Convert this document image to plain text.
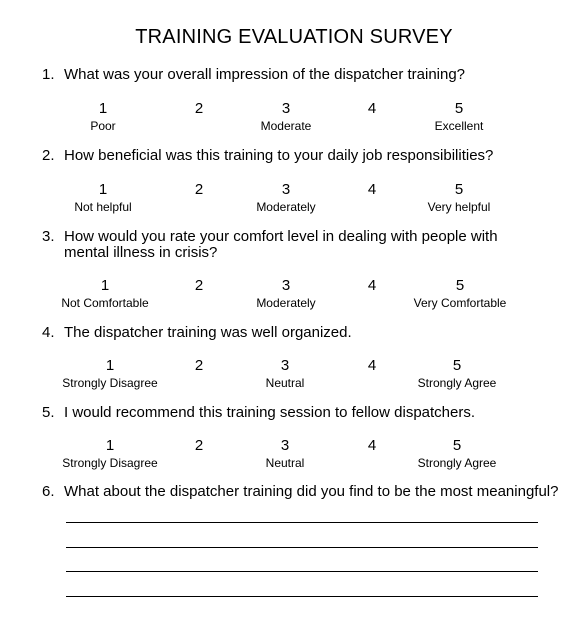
TRAINING EVALUATION SURVEY
1. What was your overall impression of the dispatcher training?
1
Poor
2	3
Moderate
4	5
Excellent
2. How beneficial was this training to your daily job responsibilities?
1
Not helpful
2	3
Moderately
4	5
Very helpful
3. How would you rate your comfort level in dealing with people with mental illness in crisis?
1
Not Comfortable
2	3
Moderately
4	5
Very Comfortable
4. The dispatcher training was well organized.
1
Strongly Disagree
2	3
Neutral
4	5
Strongly Agree
5. I would recommend this training session to fellow dispatchers.
1
Strongly Disagree
2	3
Neutral
4	5
Strongly Agree
6. What about the dispatcher training did you find to be the most meaningful?
